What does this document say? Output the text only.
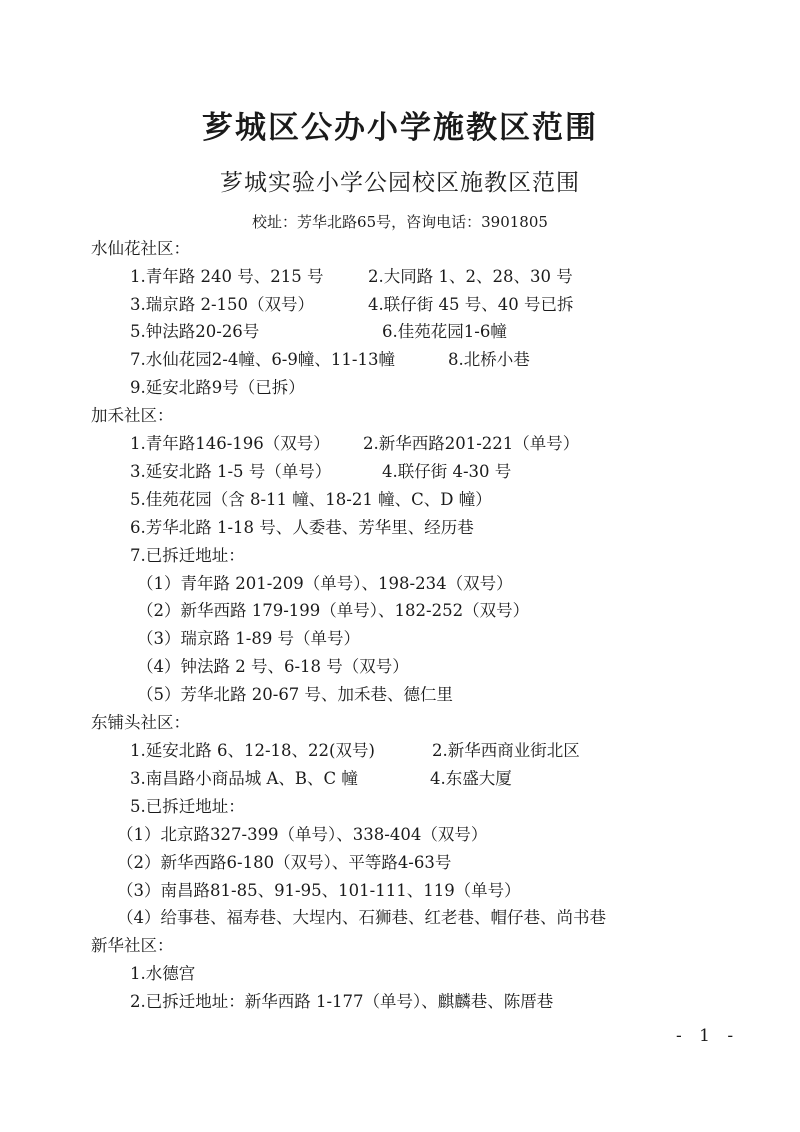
芗城区公办小学施教区范围
芗城实验小学公园校区施教区范围
校址：芳华北路65号，咨询电话：3901805
水仙花社区：
1.青年路 240 号、215 号	2.大同路 1、2、28、30 号
3.瑞京路 2-150（双号）	4.联仔街 45 号、40 号已拆
5.钟法路20-26号	6.佳苑花园1-6幢
7.水仙花园2-4幢、6-9幢、11-13幢	8.北桥小巷
9.延安北路9号（已拆）
加禾社区：
1.青年路146-196（双号） 2.新华西路201-221（单号）
3.延安北路 1-5 号（单号）	4.联仔街 4-30 号
5.佳苑花园（含 8-11 幢、18-21 幢、C、D 幢）
6.芳华北路 1-18 号、人委巷、芳华里、经历巷
7.已拆迁地址：
（1）青年路 201-209（单号）、198-234（双号）
（2）新华西路 179-199（单号）、182-252（双号）
（3）瑞京路 1-89 号（单号）
（4）钟法路 2 号、6-18 号（双号）
（5）芳华北路 20-67 号、加禾巷、德仁里
东铺头社区：
1.延安北路 6、12-18、22(双号)	2.新华西商业街北区
3.南昌路小商品城 A、B、C 幢	4.东盛大厦
5.已拆迁地址：
（1）北京路327-399（单号）、338-404（双号）
（2）新华西路6-180（双号）、平等路4-63号
（3）南昌路81-85、91-95、101-111、119（单号）
（4）给事巷、福寿巷、大埕内、石狮巷、红老巷、帽仔巷、尚书巷
新华社区：
1.水德宫
2.已拆迁地址：新华西路 1-177（单号）、麒麟巷、陈厝巷
- 1 -
